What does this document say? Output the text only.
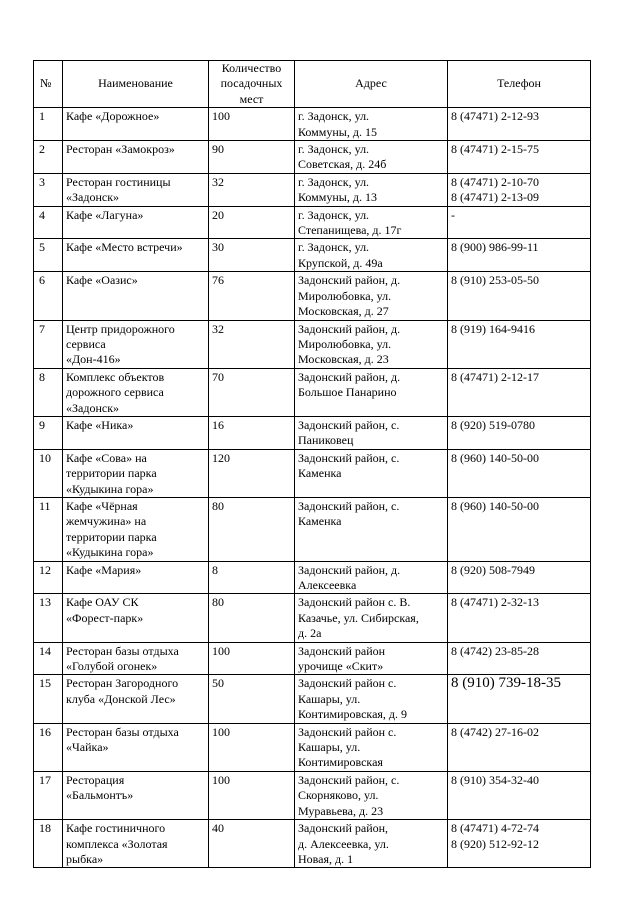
№	Наименование	Количество
посадочных
мест	Адрес	Телефон
1	Кафе «Дорожное»	100	г. Задонск, ул.
Коммуны, д. 15	8 (47471) 2-12-93

2	Ресторан «Замокроз»	90	г. Задонск, ул.
Советская, д. 24б	8 (47471) 2-15-75

3	Ресторан гостиницы
«Задонск»	32	г. Задонск, ул.
Коммуны, д. 13	8 (47471) 2-10-70
8 (47471) 2-13-09

4	Кафе «Лагуна»	20	г. Задонск, ул.
Степанищева, д. 17г	-

5	Кафе «Место встречи»	30	г. Задонск, ул.
Крупской, д. 49а	8 (900) 986-99-11

6	Кафе «Оазис»	76	Задонский район, д.
Миролюбовка, ул.
Московская, д. 27	8 (910) 253-05-50

7	Центр придорожного
сервиса
«Дон-416»	32	Задонский район, д.
Миролюбовка, ул.
Московская, д. 23	8 (919) 164-9416

8	Комплекс объектов
дорожного сервиса
«Задонск»	70	Задонский район, д.
Большое Панарино	8 (47471) 2-12-17

9	Кафе «Ника»	16	Задонский район, с.
Паниковец	8 (920) 519-0780

10	Кафе «Сова» на
территории парка
«Кудыкина гора»	120	Задонский район, с.
Каменка	8 (960) 140-50-00

11	Кафе «Чёрная
жемчужина» на
территории парка
«Кудыкина гора»	80	Задонский район, с.
Каменка	8 (960) 140-50-00

12	Кафе «Мария»	8	Задонский район, д.
Алексеевка	8 (920) 508-7949

13	Кафе ОАУ СК
«Форест-парк»	80	Задонский район с. В.
Казачье, ул. Сибирская,
д. 2а	8 (47471) 2-32-13

14	Ресторан базы отдыха
«Голубой огонек»	100	Задонский район
урочище «Скит»	8 (4742) 23-85-28

15	Ресторан Загородного
клуба «Донской Лес»	50	Задонский район с.
Кашары, ул.
Контимировская, д. 9	8 (910) 739-18-35

16	Ресторан базы отдыха
«Чайка»	100	Задонский район с.
Кашары, ул.
Контимировская	8 (4742) 27-16-02

17	Ресторация
«Бальмонтъ»	100	Задонский район, с.
Скорняково, ул.
Муравьева, д. 23	8 (910) 354-32-40

18	Кафе гостиничного
комплекса «Золотая
рыбка»	40	Задонский район,
д. Алексеевка, ул.
Новая, д. 1	8 (47471) 4-72-74
8 (920) 512-92-12
